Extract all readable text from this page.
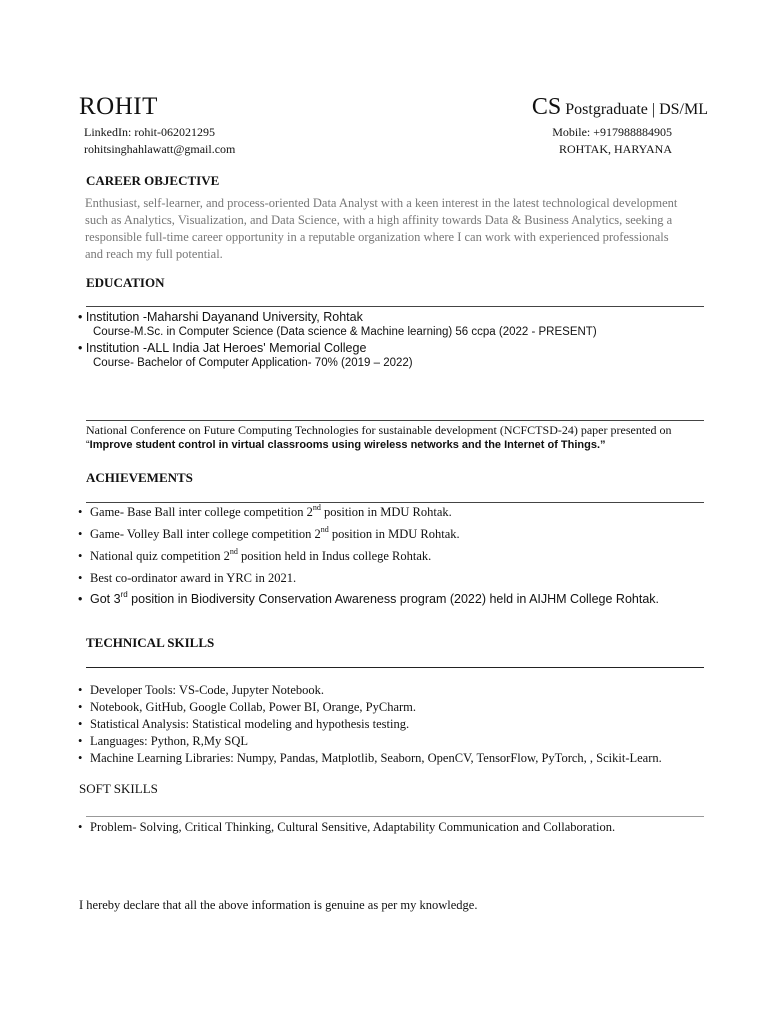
ROHIT	CS Postgraduate | DS/ML
LinkedIn: rohit-062021295
rohitsinghahlawatt@gmail.com
Mobile: +917988884905
ROHTAK, HARYANA
CAREER OBJECTIVE
Enthusiast, self-learner, and process-oriented Data Analyst with a keen interest in the latest technological development such as Analytics, Visualization, and Data Science, with a high affinity towards Data & Business Analytics, seeking a responsible full-time career opportunity in a reputable organization where I can work with experienced professionals and reach my full potential.
EDUCATION
• Institution -Maharshi Dayanand University, Rohtak
Course-M.Sc. in Computer Science (Data science & Machine learning) 56 ccpa (2022 - PRESENT)
• Institution -ALL India Jat Heroes' Memorial College
Course- Bachelor of Computer Application- 70% (2019 – 2022)
National Conference on Future Computing Technologies for sustainable development (NCFCTSD-24) paper presented on
“Improve student control in virtual classrooms using wireless networks and the Internet of Things.”
ACHIEVEMENTS
• Game- Base Ball inter college competition 2nd position in MDU Rohtak.
• Game- Volley Ball inter college competition 2nd position in MDU Rohtak.
• National quiz competition 2nd position held in Indus college Rohtak.
• Best co-ordinator award in YRC in 2021.
• Got 3rd position in Biodiversity Conservation Awareness program (2022) held in AIJHM College Rohtak.
TECHNICAL SKILLS
• Developer Tools: VS-Code, Jupyter Notebook.
• Notebook, GitHub, Google Collab, Power BI, Orange, PyCharm.
• Statistical Analysis: Statistical modeling and hypothesis testing.
• Languages: Python, R,My SQL
• Machine Learning Libraries: Numpy, Pandas, Matplotlib, Seaborn, OpenCV, TensorFlow, PyTorch, , Scikit-Learn.
SOFT SKILLS
• Problem- Solving, Critical Thinking, Cultural Sensitive, Adaptability Communication and Collaboration.
I hereby declare that all the above information is genuine as per my knowledge.
